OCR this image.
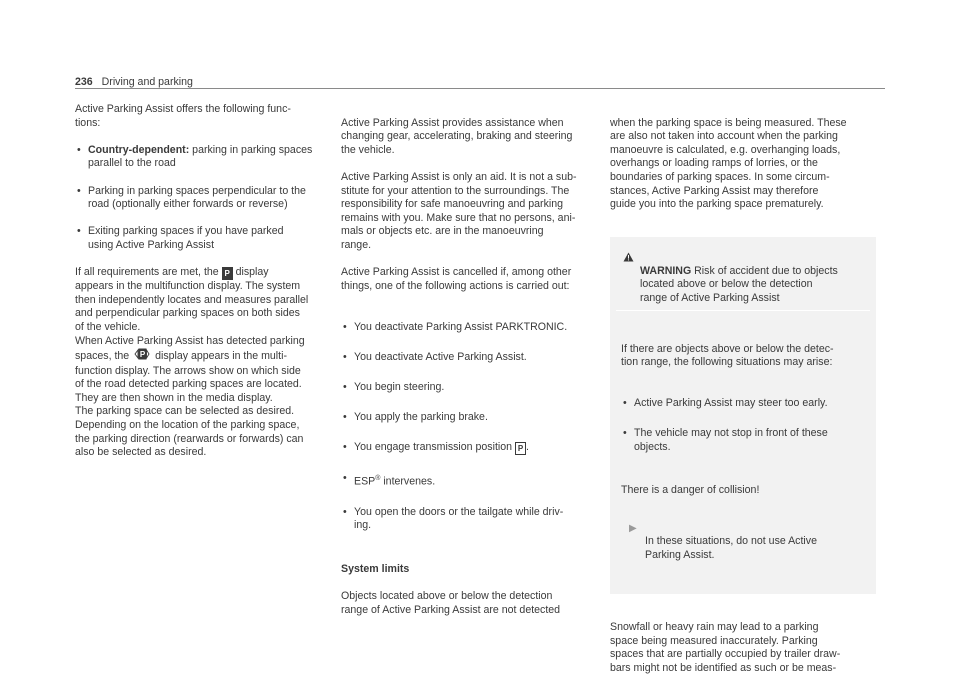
236 Driving and parking

Active Parking Assist offers the following func-
tions:

• Country-dependent: parking in parking spaces
parallel to the road

• Parking in parking spaces perpendicular to the
road (optionally either forwards or reverse)

• Exiting parking spaces if you have parked
using Active Parking Assist

If all requirements are met, the P display
appears in the multifunction display. The system
then independently locates and measures parallel
and perpendicular parking spaces on both sides
of the vehicle.

When Active Parking Assist has detected parking
spaces, the P display appears in the multi-
function display. The arrows show on which side
of the road detected parking spaces are located.
They are then shown in the media display.

The parking space can be selected as desired.
Depending on the location of the parking space,
the parking direction (rearwards or forwards) can
also be selected as desired.

Active Parking Assist provides assistance when
changing gear, accelerating, braking and steering
the vehicle.

Active Parking Assist is only an aid. It is not a sub-
stitute for your attention to the surroundings. The
responsibility for safe manoeuvring and parking
remains with you. Make sure that no persons, ani-
mals or objects etc. are in the manoeuvring
range.

Active Parking Assist is cancelled if, among other
things, one of the following actions is carried out:

• You deactivate Parking Assist PARKTRONIC.

• You deactivate Active Parking Assist.

• You begin steering.

• You apply the parking brake.

• You engage transmission position P .

• ESP® intervenes.

• You open the doors or the tailgate while driv-
ing.

System limits

Objects located above or below the detection
range of Active Parking Assist are not detected

when the parking space is being measured. These
are also not taken into account when the parking
manoeuvre is calculated, e.g. overhanging loads,
overhangs or loading ramps of lorries, or the
boundaries of parking spaces. In some circum-
stances, Active Parking Assist may therefore
guide you into the parking space prematurely.

WARNING Risk of accident due to objects
located above or below the detection
range of Active Parking Assist

If there are objects above or below the detec-
tion range, the following situations may arise:

• Active Parking Assist may steer too early.

• The vehicle may not stop in front of these
objects.

There is a danger of collision!

▶
In these situations, do not use Active
Parking Assist.

Snowfall or heavy rain may lead to a parking
space being measured inaccurately. Parking
spaces that are partially occupied by trailer draw-
bars might not be identified as such or be meas-
